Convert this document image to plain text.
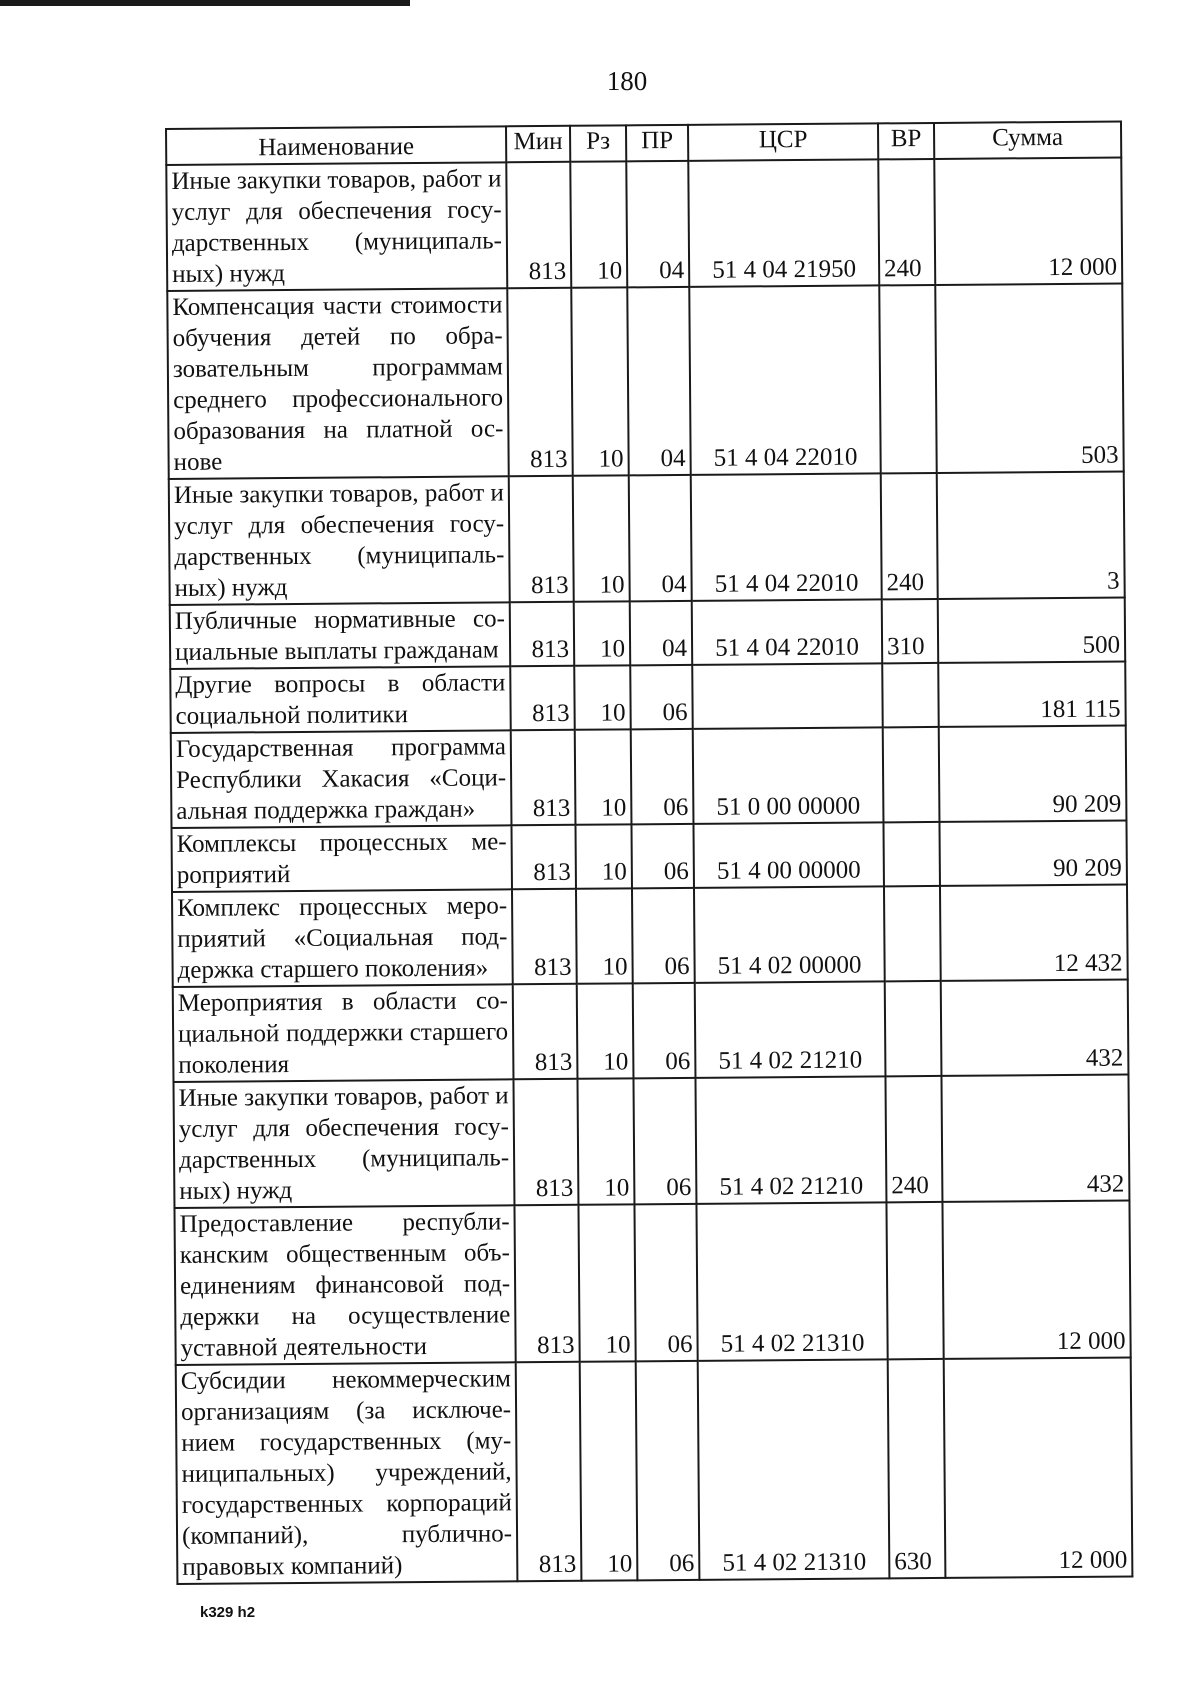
180
Наименование	Мин	Рз	ПР	ЦСР	ВР	Сумма
Иные закупки товаров, работ и услуг для обеспечения государственных (муниципальных) нужд	813	10	04	51 4 04 21950	240	12 000
Компенсация части стоимости обучения детей по образовательным программам среднего профессионального образования на платной основе	813	10	04	51 4 04 22010		503
Иные закупки товаров, работ и услуг для обеспечения государственных (муниципальных) нужд	813	10	04	51 4 04 22010	240	3
Публичные нормативные социальные выплаты гражданам	813	10	04	51 4 04 22010	310	500
Другие вопросы в области социальной политики	813	10	06			181 115
Государственная программа Республики Хакасия «Социальная поддержка граждан»	813	10	06	51 0 00 00000		90 209
Комплексы процессных мероприятий	813	10	06	51 4 00 00000		90 209
Комплекс процессных мероприятий «Социальная поддержка старшего поколения»	813	10	06	51 4 02 00000		12 432
Мероприятия в области социальной поддержки старшего поколения	813	10	06	51 4 02 21210		432
Иные закупки товаров, работ и услуг для обеспечения государственных (муниципальных) нужд	813	10	06	51 4 02 21210	240	432
Предоставление республиканским общественным объединениям финансовой поддержки на осуществление уставной деятельности	813	10	06	51 4 02 21310		12 000
Субсидии некоммерческим организациям (за исключением государственных (муниципальных) учреждений, государственных корпораций (компаний), публичноправовых компаний)	813	10	06	51 4 02 21310	630	12 000
k329 h2
